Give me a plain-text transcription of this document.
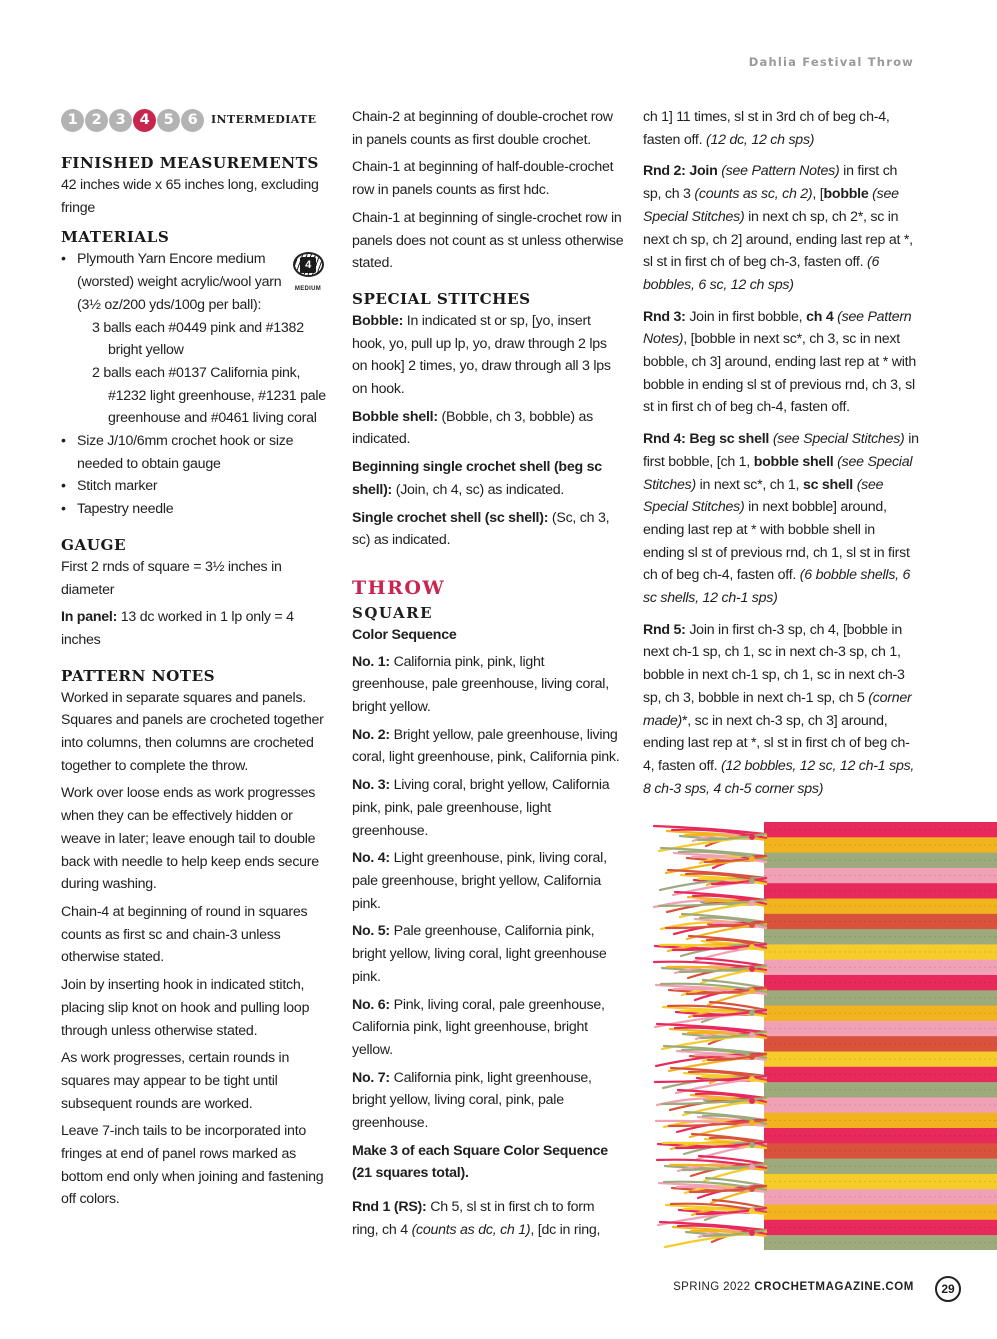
Dahlia Festival Throw
1 2 3 4 5 6	INTERMEDIATE
FINISHED MEASUREMENTS

42 inches wide x 65 inches long, excluding fringe

MATERIALS
4
MEDIUM
• Plymouth Yarn Encore medium (worsted) weight acrylic/wool yarn (3½ oz/200 yds/100g per ball):
3 balls each #0449 pink and #1382 bright yellow
2 balls each #0137 California pink, #1232 light greenhouse, #1231 pale greenhouse and #0461 living coral
• Size J/10/6mm crochet hook or size needed to obtain gauge
• Stitch marker
• Tapestry needle
GAUGE

First 2 rnds of square = 3½ inches in diameter

In panel: 13 dc worked in 1 lp only = 4 inches

PATTERN NOTES

Worked in separate squares and panels. Squares and panels are crocheted together into columns, then columns are crocheted together to complete the throw.

Work over loose ends as work progresses when they can be effectively hidden or weave in later; leave enough tail to double back with needle to help keep ends secure during washing.

Chain-4 at beginning of round in squares counts as first sc and chain-3 unless otherwise stated.

Join by inserting hook in indicated stitch, placing slip knot on hook and pulling loop through unless otherwise stated.

As work progresses, certain rounds in squares may appear to be tight until subsequent rounds are worked.

Leave 7-inch tails to be incorporated into fringes at end of panel rows marked as bottom end only when joining and fastening off colors.

Chain-2 at beginning of double-crochet row in panels counts as first double crochet.

Chain-1 at beginning of half-double-crochet row in panels counts as first hdc.

Chain-1 at beginning of single-crochet row in panels does not count as st unless otherwise stated.

SPECIAL STITCHES

Bobble: In indicated st or sp, [yo, insert hook, yo, pull up lp, yo, draw through 2 lps on hook] 2 times, yo, draw through all 3 lps on hook.

Bobble shell: (Bobble, ch 3, bobble) as indicated.

Beginning single crochet shell (beg sc shell): (Join, ch 4, sc) as indicated.

Single crochet shell (sc shell): (Sc, ch 3, sc) as indicated.

THROW
SQUARE

Color Sequence

No. 1: California pink, pink, light greenhouse, pale greenhouse, living coral, bright yellow.

No. 2: Bright yellow, pale greenhouse, living coral, light greenhouse, pink, California pink.

No. 3: Living coral, bright yellow, California pink, pink, pale greenhouse, light greenhouse.

No. 4: Light greenhouse, pink, living coral, pale greenhouse, bright yellow, California pink.

No. 5: Pale greenhouse, California pink, bright yellow, living coral, light greenhouse pink.

No. 6: Pink, living coral, pale greenhouse, California pink, light greenhouse, bright yellow.

No. 7: California pink, light greenhouse, bright yellow, living coral, pink, pale greenhouse.

Make 3 of each Square Color Sequence (21 squares total).

Rnd 1 (RS): Ch 5, sl st in first ch to form ring, ch 4 (counts as dc, ch 1), [dc in ring,

ch 1] 11 times, sl st in 3rd ch of beg ch-4, fasten off. (12 dc, 12 ch sps)

Rnd 2: Join (see Pattern Notes) in first ch sp, ch 3 (counts as sc, ch 2), [bobble (see Special Stitches) in next ch sp, ch 2*, sc in next ch sp, ch 2] around, ending last rep at *, sl st in first ch of beg ch-3, fasten off. (6 bobbles, 6 sc, 12 ch sps)

Rnd 3: Join in first bobble, ch 4 (see Pattern Notes), [bobble in next sc*, ch 3, sc in next bobble, ch 3] around, ending last rep at * with bobble in ending sl st of previous rnd, ch 3, sl st in first ch of beg ch-4, fasten off.

Rnd 4: Beg sc shell (see Special Stitches) in first bobble, [ch 1, bobble shell (see Special Stitches) in next sc*, ch 1, sc shell (see Special Stitches) in next bobble] around, ending last rep at * with bobble shell in ending sl st of previous rnd, ch 1, sl st in first ch of beg ch-4, fasten off. (6 bobble shells, 6 sc shells, 12 ch-1 sps)

Rnd 5: Join in first ch-3 sp, ch 4, [bobble in next ch-1 sp, ch 1, sc in next ch-3 sp, ch 1, bobble in next ch-1 sp, ch 1, sc in next ch-3 sp, ch 3, bobble in next ch-1 sp, ch 5 (corner made)*, sc in next ch-3 sp, ch 3] around, ending last rep at *, sl st in first ch of beg ch-4, fasten off. (12 bobbles, 12 sc, 12 ch-1 sps, 8 ch-3 sps, 4 ch-5 corner sps)

SPRING 2022 CROCHETMAGAZINE.COM	29
